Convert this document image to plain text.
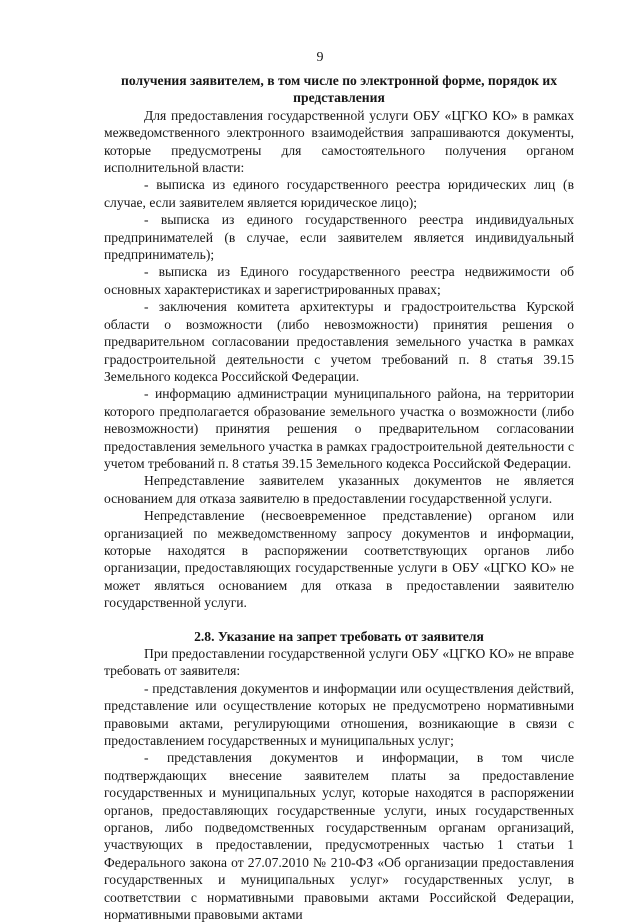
9

получения заявителем, в том числе по электронной форме, порядок их представления

Для предоставления государственной услуги ОБУ «ЦГКО КО» в рамках межведомственного электронного взаимодействия запрашиваются документы, которые предусмотрены для самостоятельного получения органом исполнительной власти:

- выписка из единого государственного реестра юридических лиц (в случае, если заявителем является юридическое лицо);

- выписка из единого государственного реестра индивидуальных предпринимателей (в случае, если заявителем является индивидуальный предприниматель);

- выписка из Единого государственного реестра недвижимости об основных характеристиках и зарегистрированных правах;

- заключения комитета архитектуры и градостроительства Курской области о возможности (либо невозможности) принятия решения о предварительном согласовании предоставления земельного участка в рамках градостроительной деятельности с учетом требований п. 8 статья 39.15 Земельного кодекса Российской Федерации.

- информацию администрации муниципального района, на территории которого предполагается образование земельного участка о возможности (либо невозможности) принятия решения о предварительном согласовании предоставления земельного участка в рамках градостроительной деятельности с учетом требований п. 8 статья 39.15 Земельного кодекса Российской Федерации.

Непредставление заявителем указанных документов не является основанием для отказа заявителю в предоставлении государственной услуги.

Непредставление (несвоевременное представление) органом или организацией по межведомственному запросу документов и информации, которые находятся в распоряжении соответствующих органов либо организации, предоставляющих государственные услуги в ОБУ «ЦГКО КО» не может являться основанием для отказа в предоставлении заявителю государственной услуги.

2.8. Указание на запрет требовать от заявителя

При предоставлении государственной услуги ОБУ «ЦГКО КО» не вправе требовать от заявителя:

- представления документов и информации или осуществления действий, представление или осуществление которых не предусмотрено нормативными правовыми актами, регулирующими отношения, возникающие в связи с предоставлением государственных и муниципальных услуг;

- представления документов и информации, в том числе подтверждающих внесение заявителем платы за предоставление государственных и муниципальных услуг, которые находятся в распоряжении органов, предоставляющих государственные услуги, иных государственных органов, либо подведомственных государственным органам организаций, участвующих в предоставлении, предусмотренных частью 1 статьи 1 Федерального закона от 27.07.2010 № 210-ФЗ «Об организации предоставления государственных и муниципальных услуг» государственных услуг, в соответствии с нормативными правовыми актами Российской Федерации, нормативными правовыми актами
